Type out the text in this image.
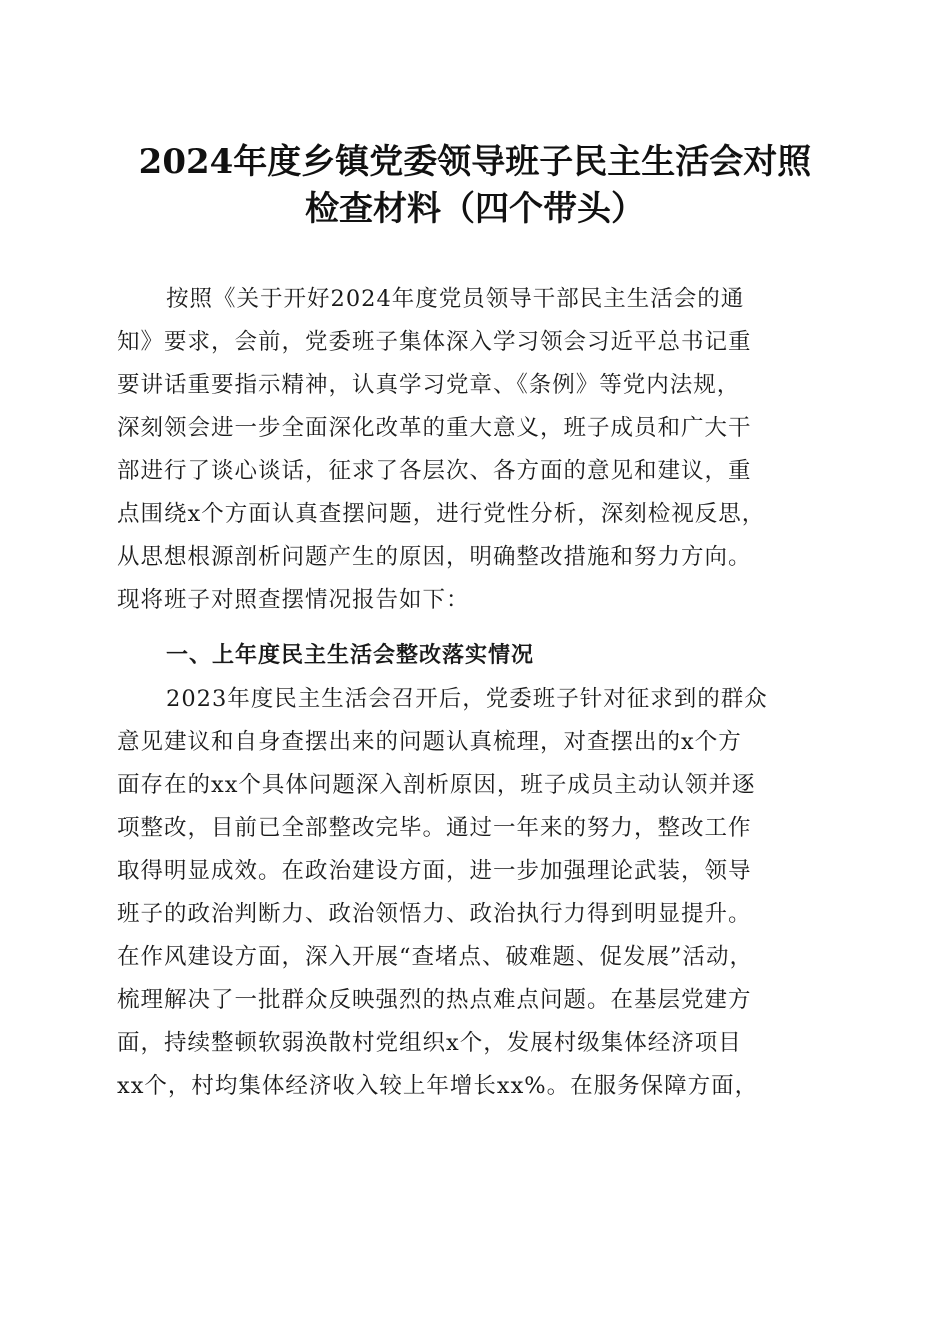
2024年度乡镇党委领导班子民主生活会对照
检查材料（四个带头）
按照《关于开好2024年度党员领导干部民主生活会的通
知》要求，会前，党委班子集体深入学习领会习近平总书记重
要讲话重要指示精神，认真学习党章、《条例》等党内法规，
深刻领会进一步全面深化改革的重大意义，班子成员和广大干
部进行了谈心谈话，征求了各层次、各方面的意见和建议，重
点围绕x个方面认真查摆问题，进行党性分析，深刻检视反思，
从思想根源剖析问题产生的原因，明确整改措施和努力方向。
现将班子对照查摆情况报告如下：
一、上年度民主生活会整改落实情况
2023年度民主生活会召开后，党委班子针对征求到的群众
意见建议和自身查摆出来的问题认真梳理，对查摆出的x个方
面存在的xx个具体问题深入剖析原因，班子成员主动认领并逐
项整改，目前已全部整改完毕。通过一年来的努力，整改工作
取得明显成效。在政治建设方面，进一步加强理论武装，领导
班子的政治判断力、政治领悟力、政治执行力得到明显提升。
在作风建设方面，深入开展“查堵点、破难题、促发展”活动，
梳理解决了一批群众反映强烈的热点难点问题。在基层党建方
面，持续整顿软弱涣散村党组织x个，发展村级集体经济项目
xx个，村均集体经济收入较上年增长xx%。在服务保障方面，
